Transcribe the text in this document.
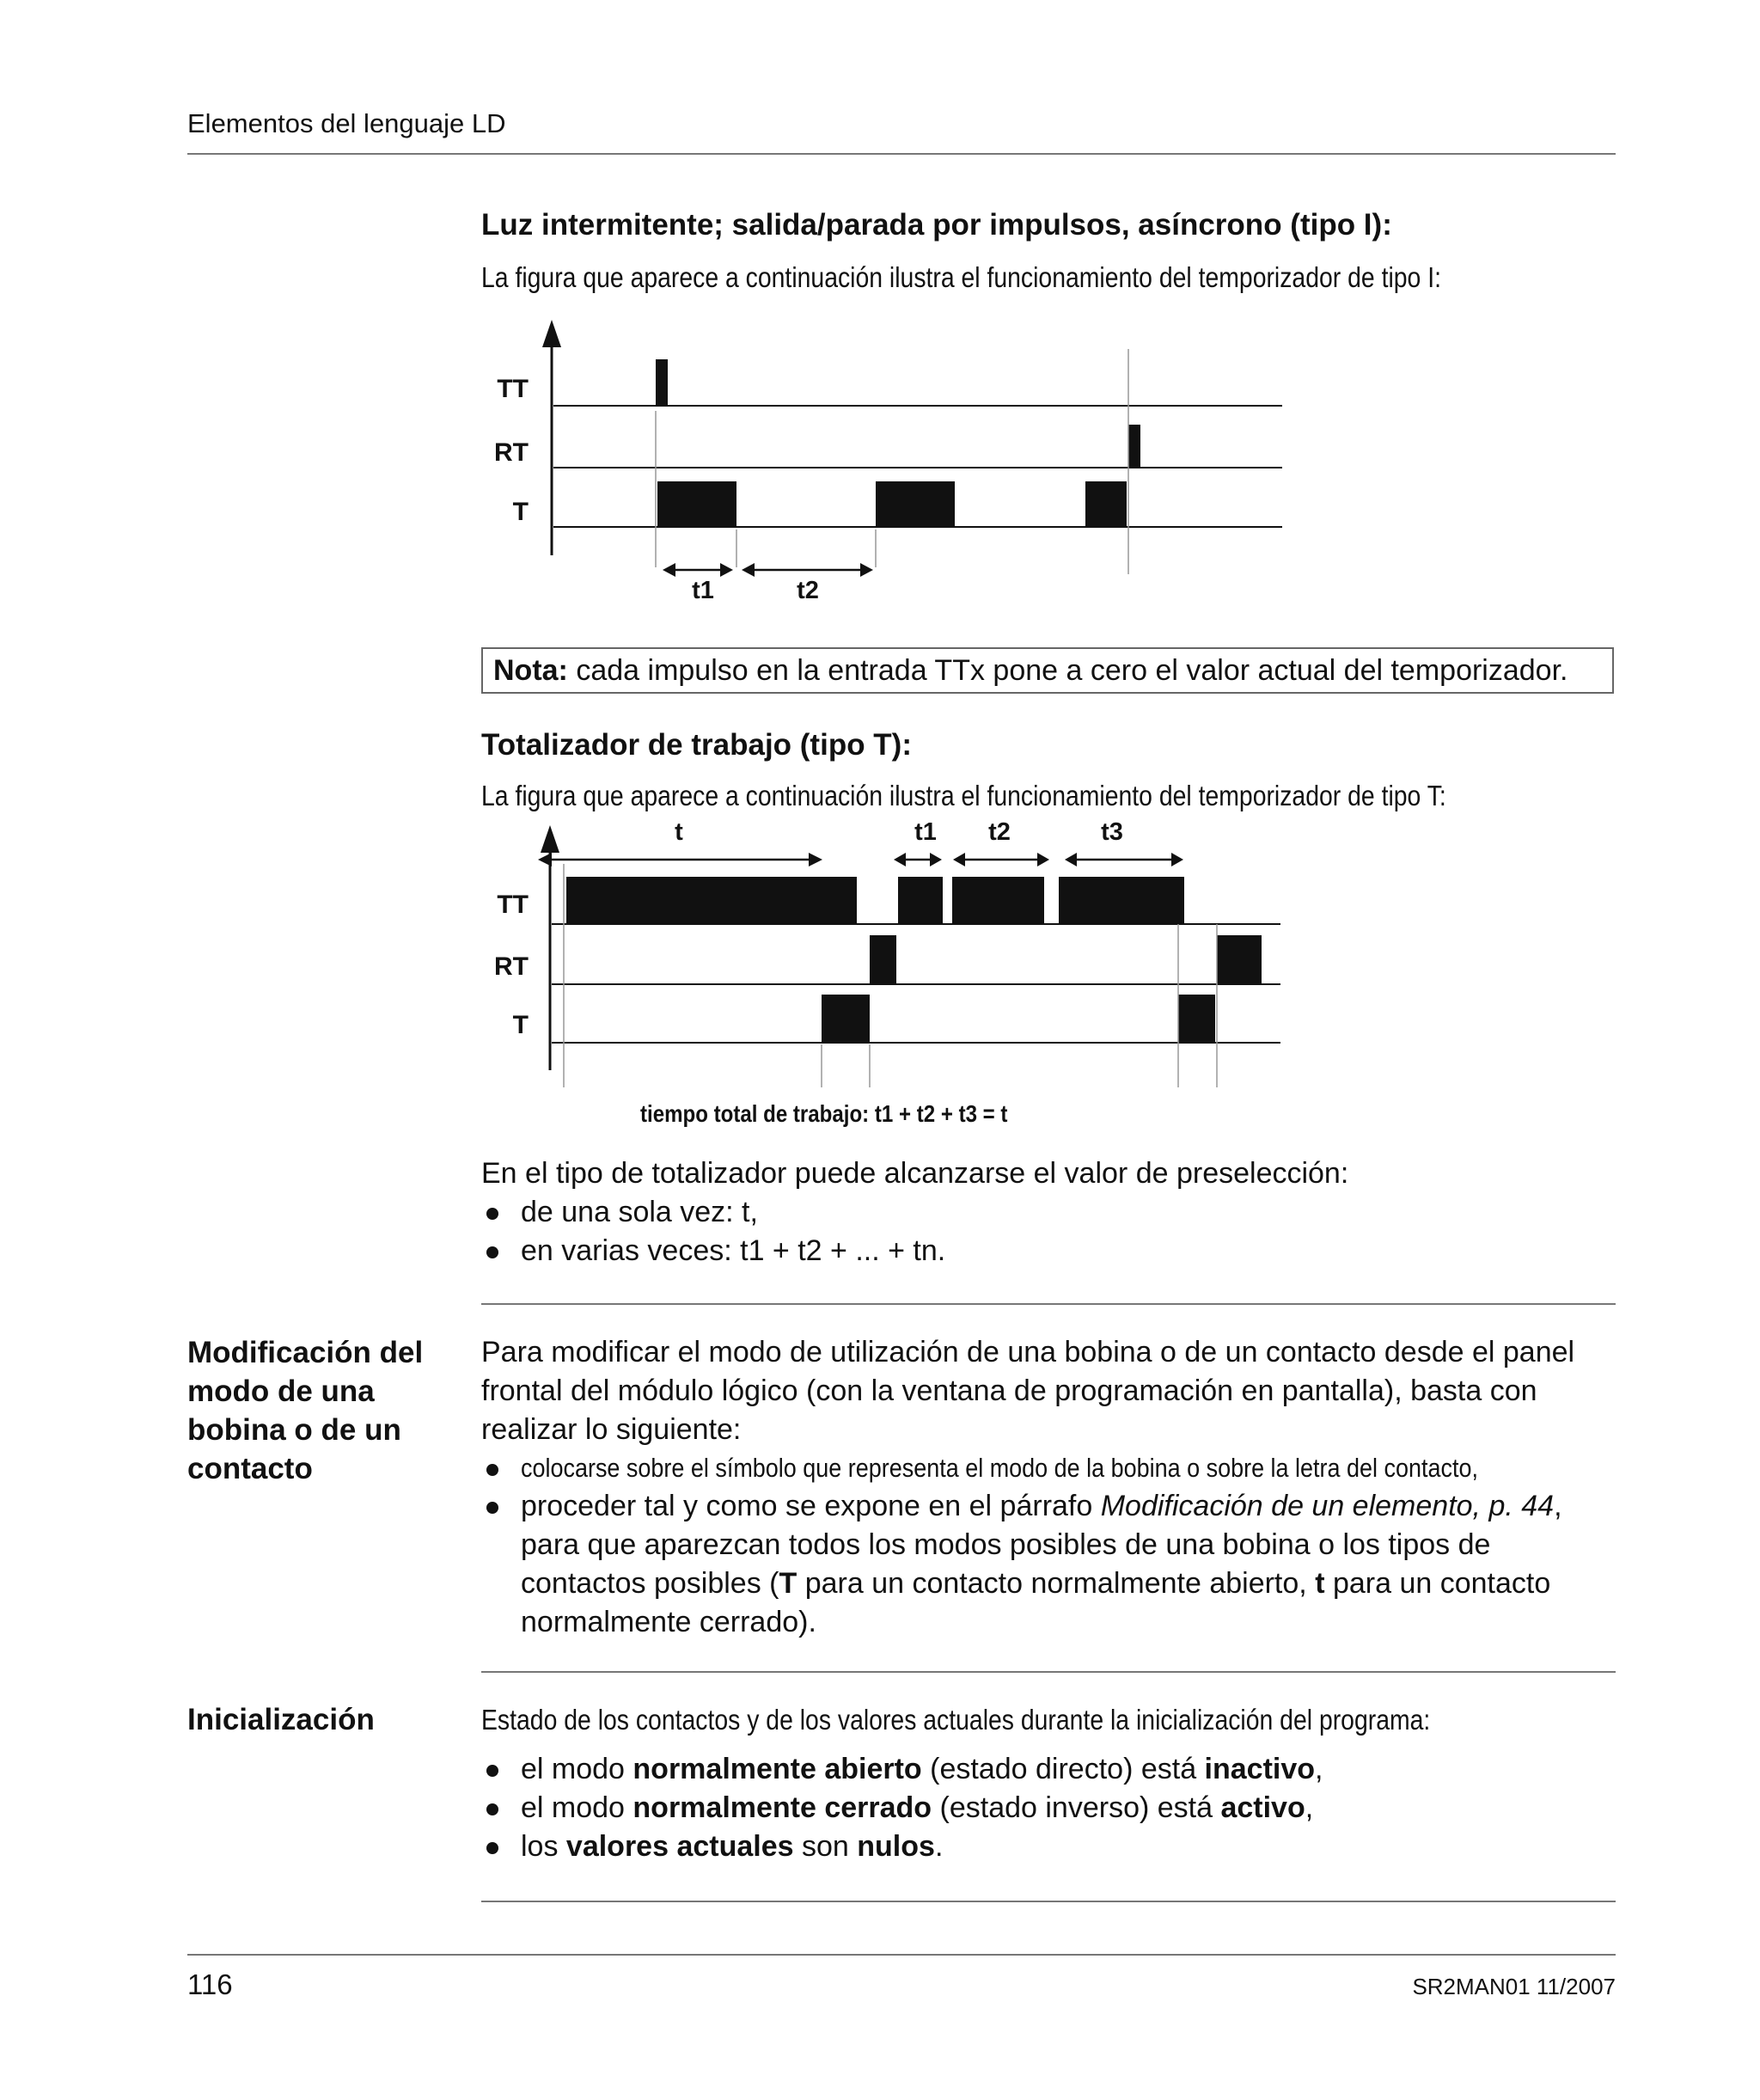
Elementos del lenguaje LD
Luz intermitente; salida/parada por impulsos, asíncrono (tipo I):
La figura que aparece a continuación ilustra el funcionamiento del temporizador de tipo I:
TT
RT
T
t1	t2
Nota: cada impulso en la entrada TTx pone a cero el valor actual del temporizador.
Totalizador de trabajo (tipo T):
La figura que aparece a continuación ilustra el funcionamiento del temporizador de tipo T:
t	t1 t2	t3
TT
RT
T
tiempo total de trabajo: t1 + t2 + t3 = t
En el tipo de totalizador puede alcanzarse el valor de preselección:
de una sola vez: t,
en varias veces: t1 + t2 + ... + tn.
Modificación del modo de una bobina o de un contacto
Para modificar el modo de utilización de una bobina o de un contacto desde el panel frontal del módulo lógico (con la ventana de programación en pantalla), basta con realizar lo siguiente:
colocarse sobre el símbolo que representa el modo de la bobina o sobre la letra del contacto,
proceder tal y como se expone en el párrafo Modificación de un elemento, p. 44, para que aparezcan todos los modos posibles de una bobina o los tipos de contactos posibles (T para un contacto normalmente abierto, t para un contacto normalmente cerrado).
Inicialización	Estado de los contactos y de los valores actuales durante la inicialización del programa:
el modo normalmente abierto (estado directo) está inactivo,
el modo normalmente cerrado (estado inverso) está activo,
los valores actuales son nulos.
116	SR2MAN01 11/2007
